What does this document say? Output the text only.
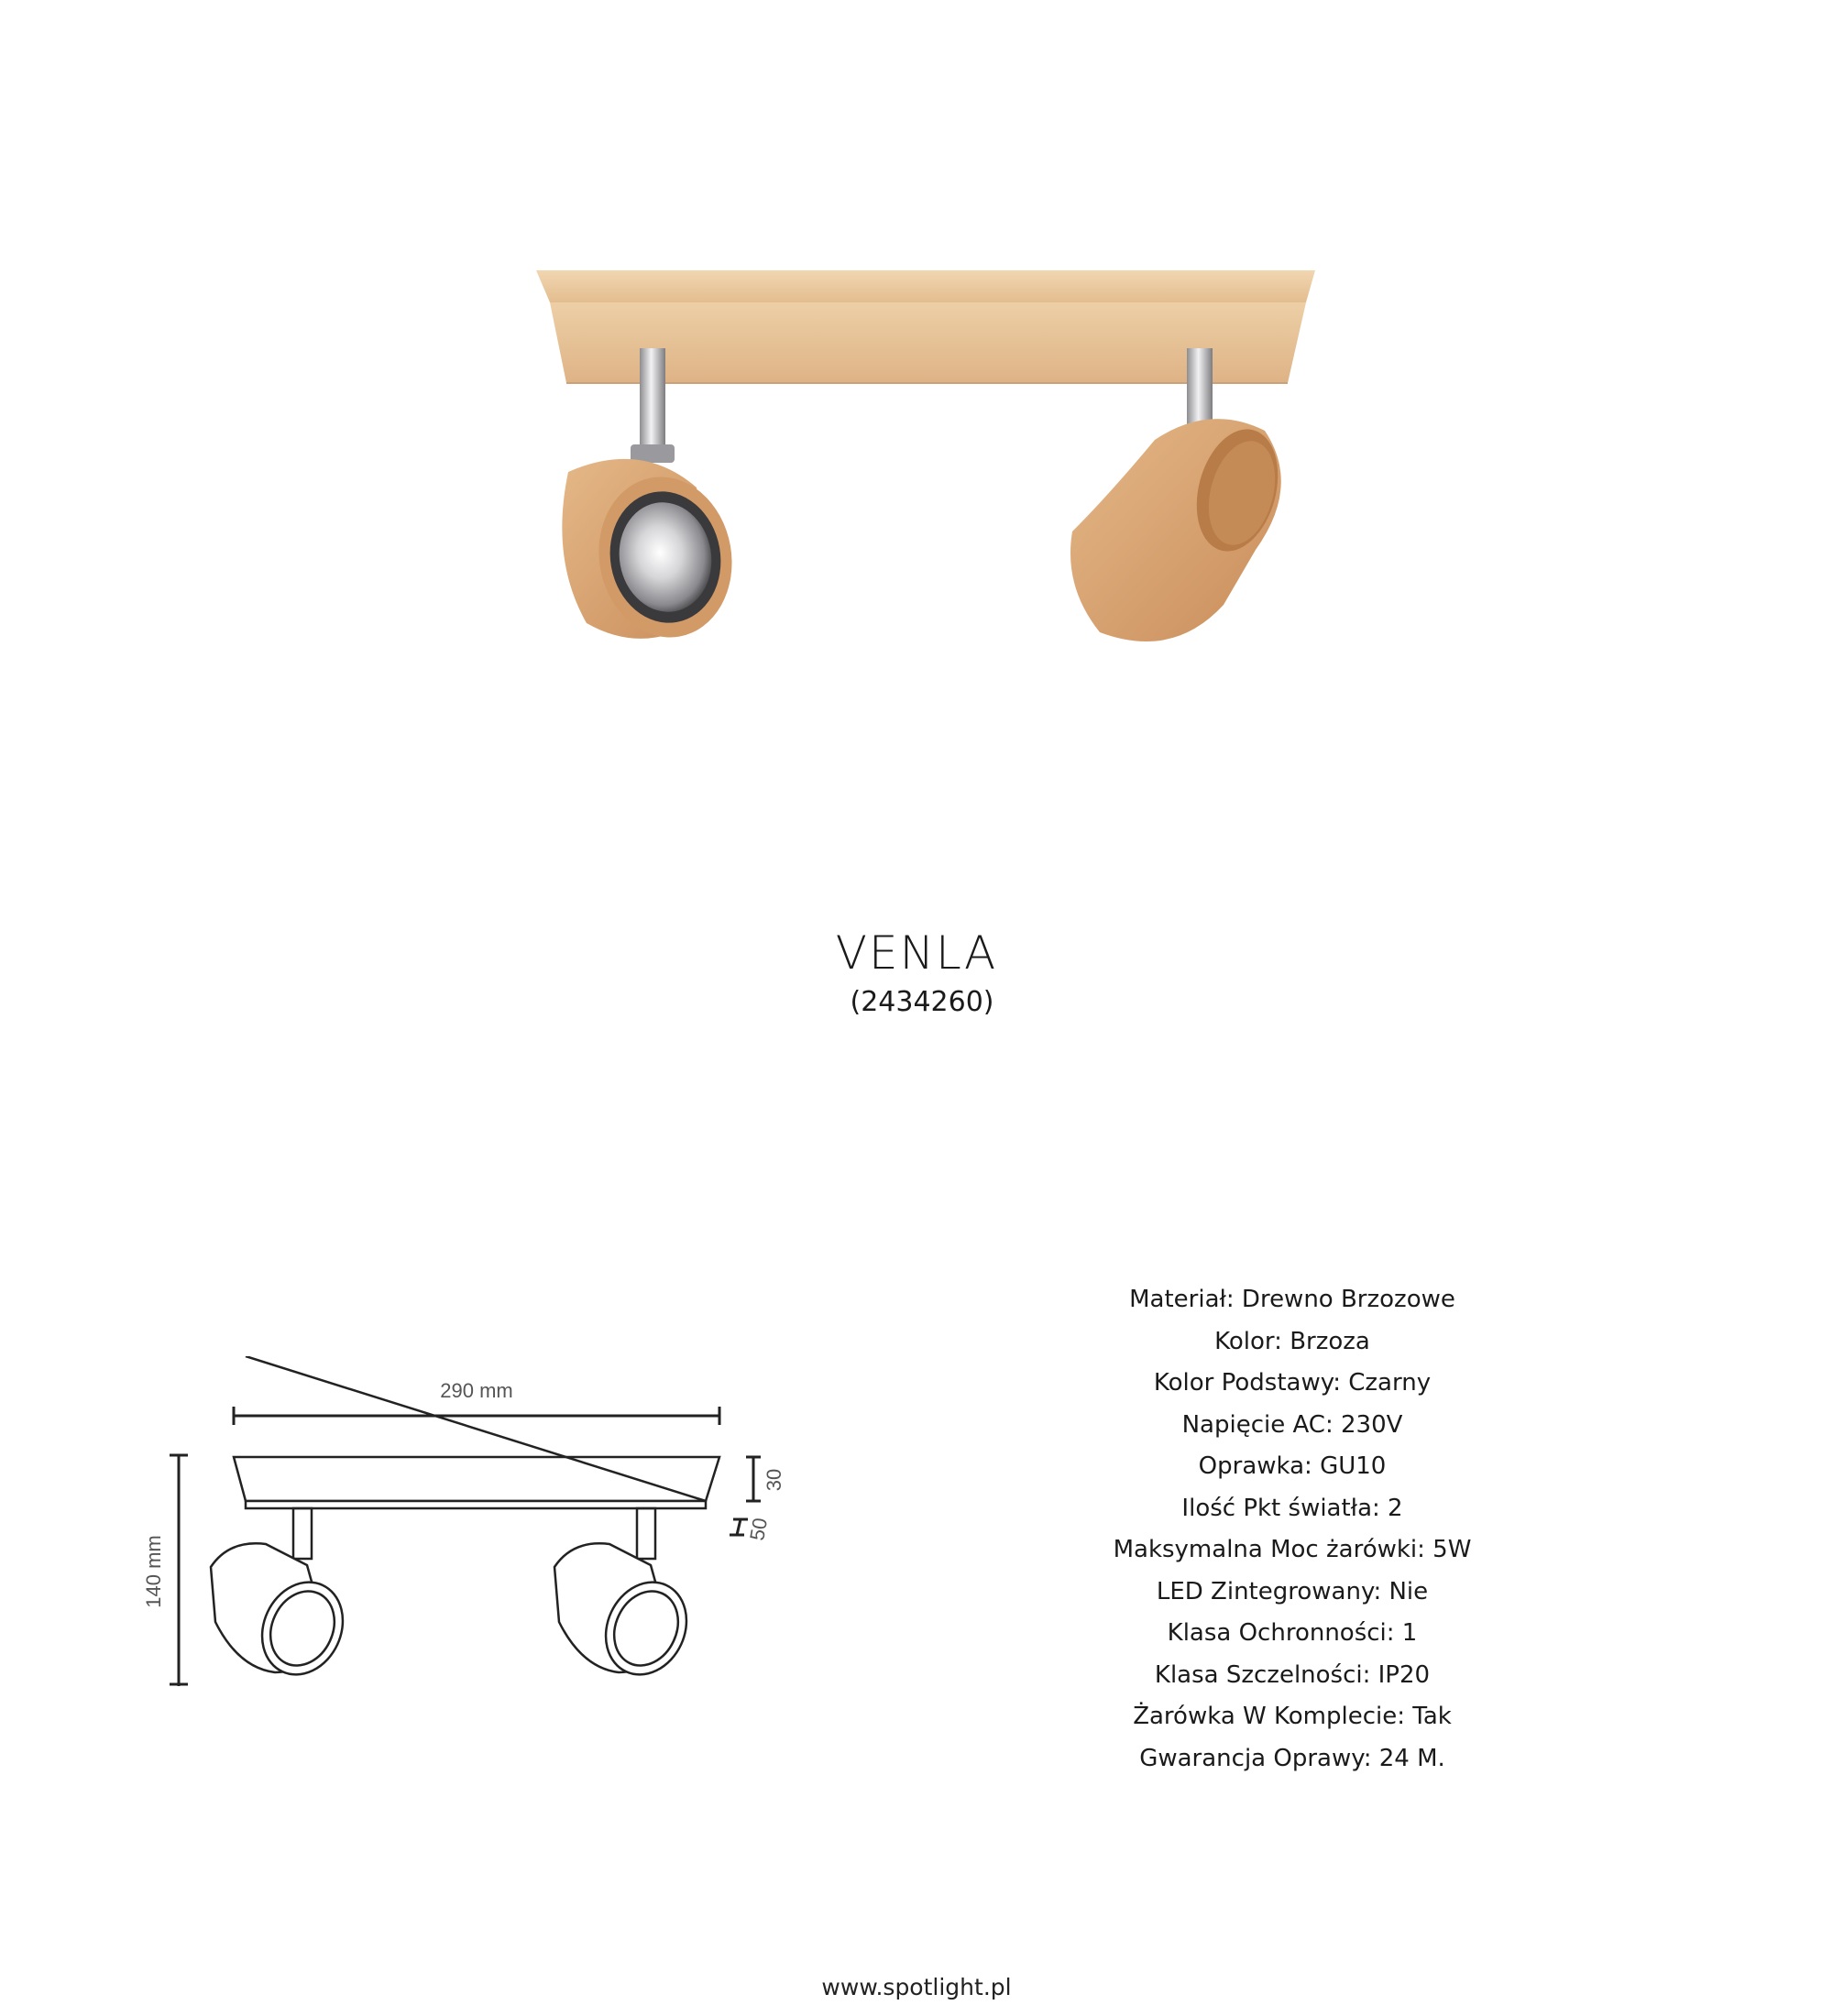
VENLA
(2434260)
290 mm
140 mm
30
50
Materiał: Drewno Brzozowe
Kolor: Brzoza
Kolor Podstawy: Czarny
Napięcie AC: 230V
Oprawka: GU10
Ilość Pkt światła: 2
Maksymalna Moc żarówki: 5W
LED Zintegrowany: Nie
Klasa Ochronności: 1
Klasa Szczelności: IP20
Żarówka W Komplecie: Tak
Gwarancja Oprawy: 24 M.
www.spotlight.pl
